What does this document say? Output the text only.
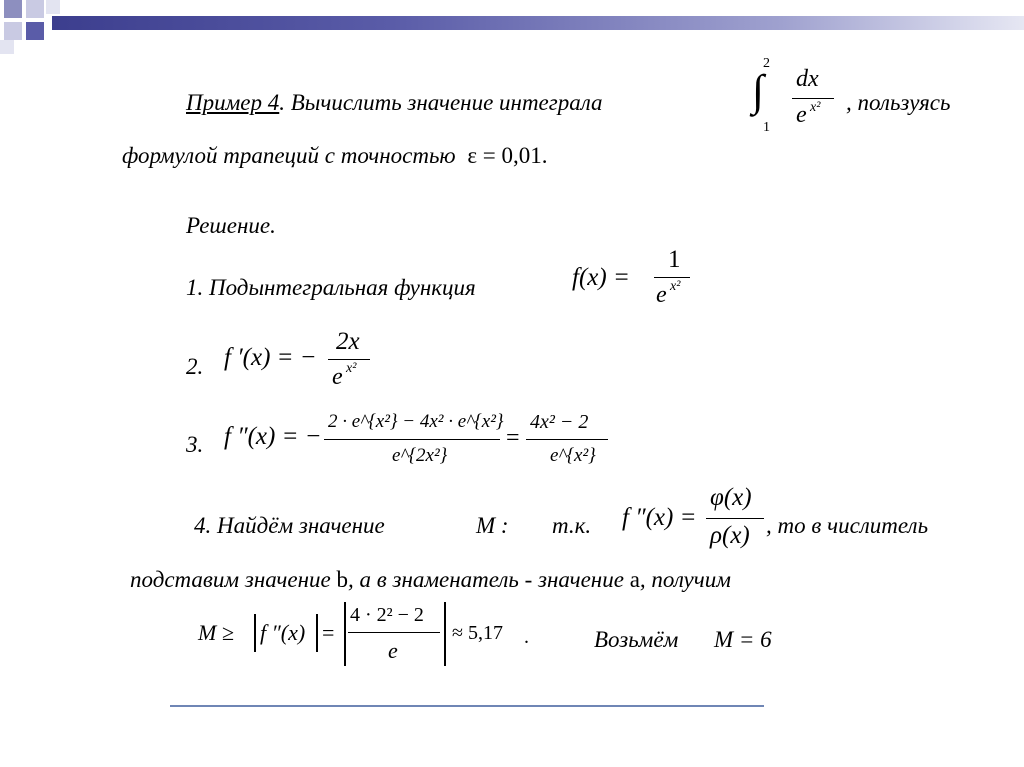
Пример 4. Вычислить значение интеграла
2
∫
1
dx
e x² , пользуясь
формулой трапеций с точностью ε = 0,01.
Решение.
1. Подынтегральная функция	f(x) =
1
e x²
2. f ′(x) = −
2x
e x²
3. f ″(x) = −
2 · e^{x²} − 4x² · e^{x²}
e^{2x²}
=
4x² − 2
e^{x²}
4. Найдём значение	M : т.к. f ″(x) =
φ(x)
ρ(x) , то в числитель
подставим значение b, а в знаменатель - значение a, получим
M ≥ f ″(x) =
4 · 2² − 2
e
≈ 5,17 .	Возьмём M = 6
